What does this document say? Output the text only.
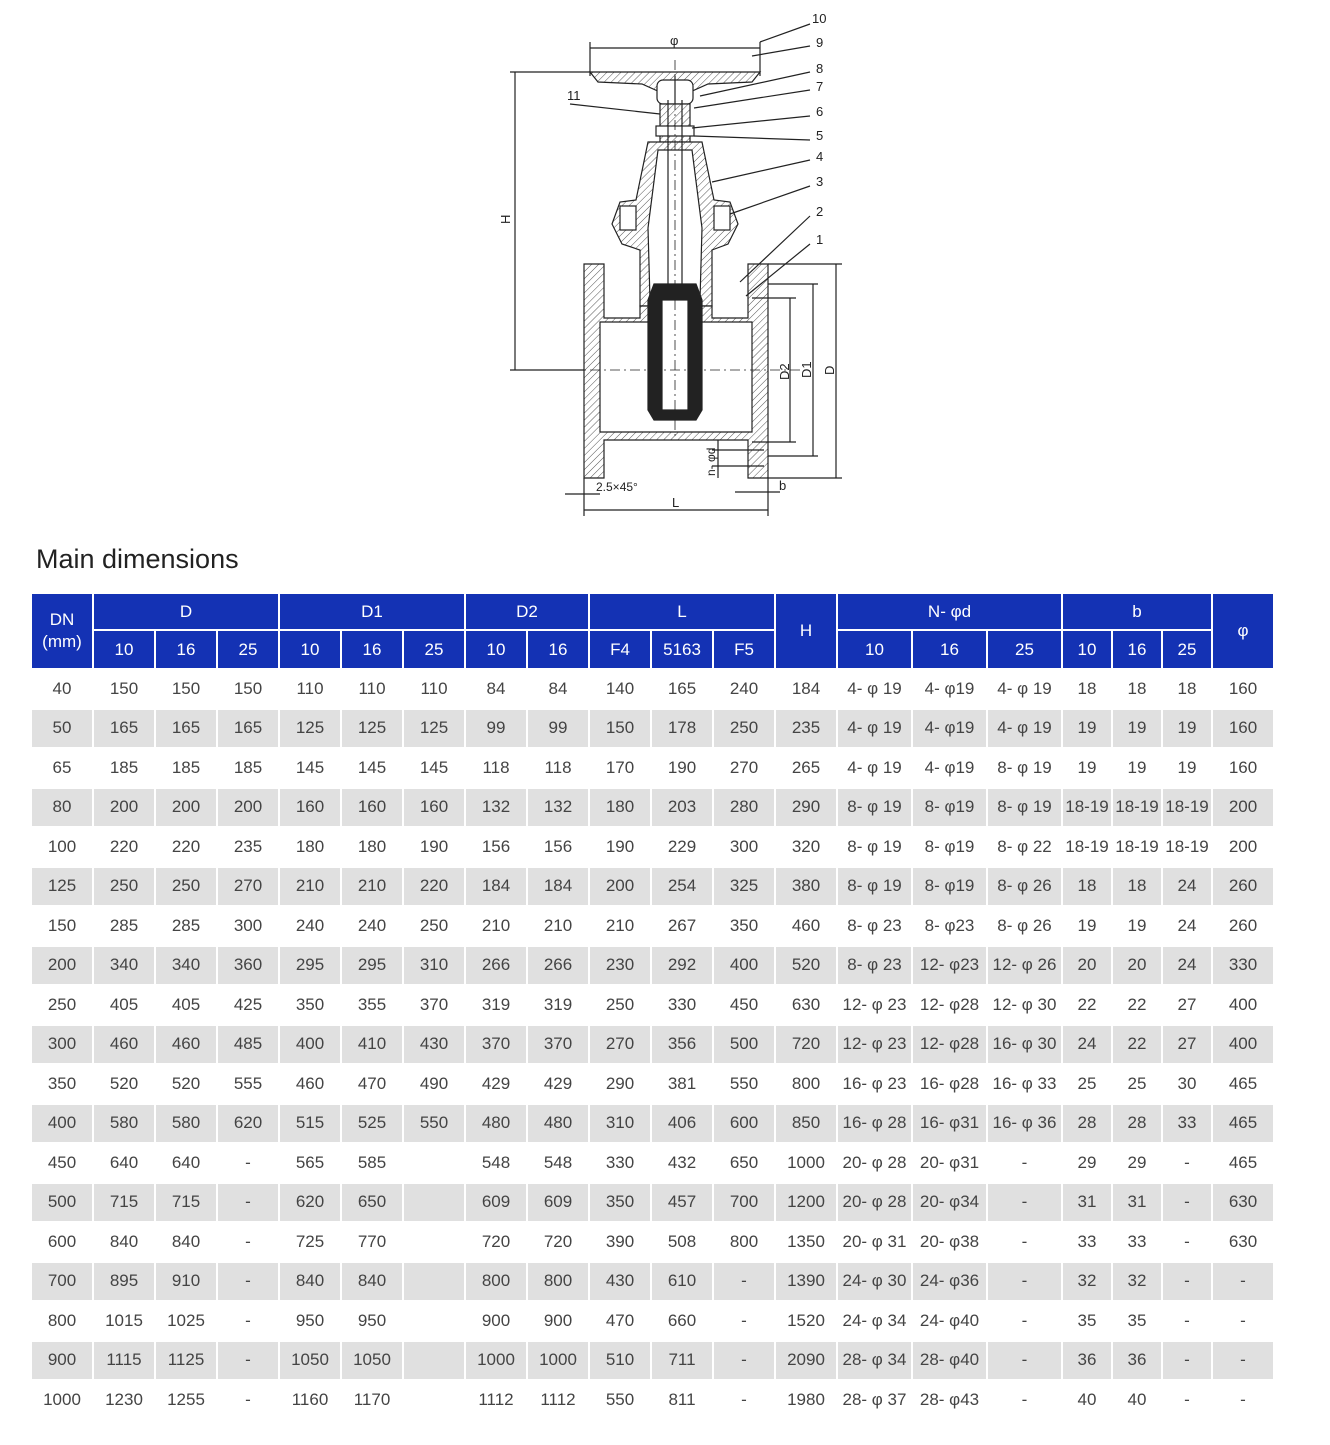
10
9
8
7
6
5
4
3
2
1
11
φ
H
D2 D1 D
n- φd
2.5×45°
L
b
Main dimensions
DN
(mm)	D			D1			D2		L			H	N- φd			b			φ
	10	16	25	10	16	25	10	16	F4	5163	F5		10	16	25	10	16	25	
40	150	150	150	110	110	110	84	84	140	165	240	184	4- φ 19	4- φ19	4- φ 19	18	18	18	160
50	165	165	165	125	125	125	99	99	150	178	250	235	4- φ 19	4- φ19	4- φ 19	19	19	19	160
65	185	185	185	145	145	145	118	118	170	190	270	265	4- φ 19	4- φ19	8- φ 19	19	19	19	160
80	200	200	200	160	160	160	132	132	180	203	280	290	8- φ 19	8- φ19	8- φ 19	18-19	18-19	18-19	200
100	220	220	235	180	180	190	156	156	190	229	300	320	8- φ 19	8- φ19	8- φ 22	18-19	18-19	18-19	200
125	250	250	270	210	210	220	184	184	200	254	325	380	8- φ 19	8- φ19	8- φ 26	18	18	24	260
150	285	285	300	240	240	250	210	210	210	267	350	460	8- φ 23	8- φ23	8- φ 26	19	19	24	260
200	340	340	360	295	295	310	266	266	230	292	400	520	8- φ 23	12- φ23	12- φ 26	20	20	24	330
250	405	405	425	350	355	370	319	319	250	330	450	630	12- φ 23	12- φ28	12- φ 30	22	22	27	400
300	460	460	485	400	410	430	370	370	270	356	500	720	12- φ 23	12- φ28	16- φ 30	24	22	27	400
350	520	520	555	460	470	490	429	429	290	381	550	800	16- φ 23	16- φ28	16- φ 33	25	25	30	465
400	580	580	620	515	525	550	480	480	310	406	600	850	16- φ 28	16- φ31	16- φ 36	28	28	33	465
450	640	640	-	565	585		548	548	330	432	650	1000	20- φ 28	20- φ31	-	29	29	-	465
500	715	715	-	620	650		609	609	350	457	700	1200	20- φ 28	20- φ34	-	31	31	-	630
600	840	840	-	725	770		720	720	390	508	800	1350	20- φ 31	20- φ38	-	33	33	-	630
700	895	910	-	840	840		800	800	430	610	-	1390	24- φ 30	24- φ36	-	32	32	-	-
800	1015	1025	-	950	950		900	900	470	660	-	1520	24- φ 34	24- φ40	-	35	35	-	-
900	1115	1125	-	1050	1050		1000	1000	510	711	-	2090	28- φ 34	28- φ40	-	36	36	-	-
1000	1230	1255	-	1160	1170		1112	1112	550	811	-	1980	28- φ 37	28- φ43	-	40	40	-	-
